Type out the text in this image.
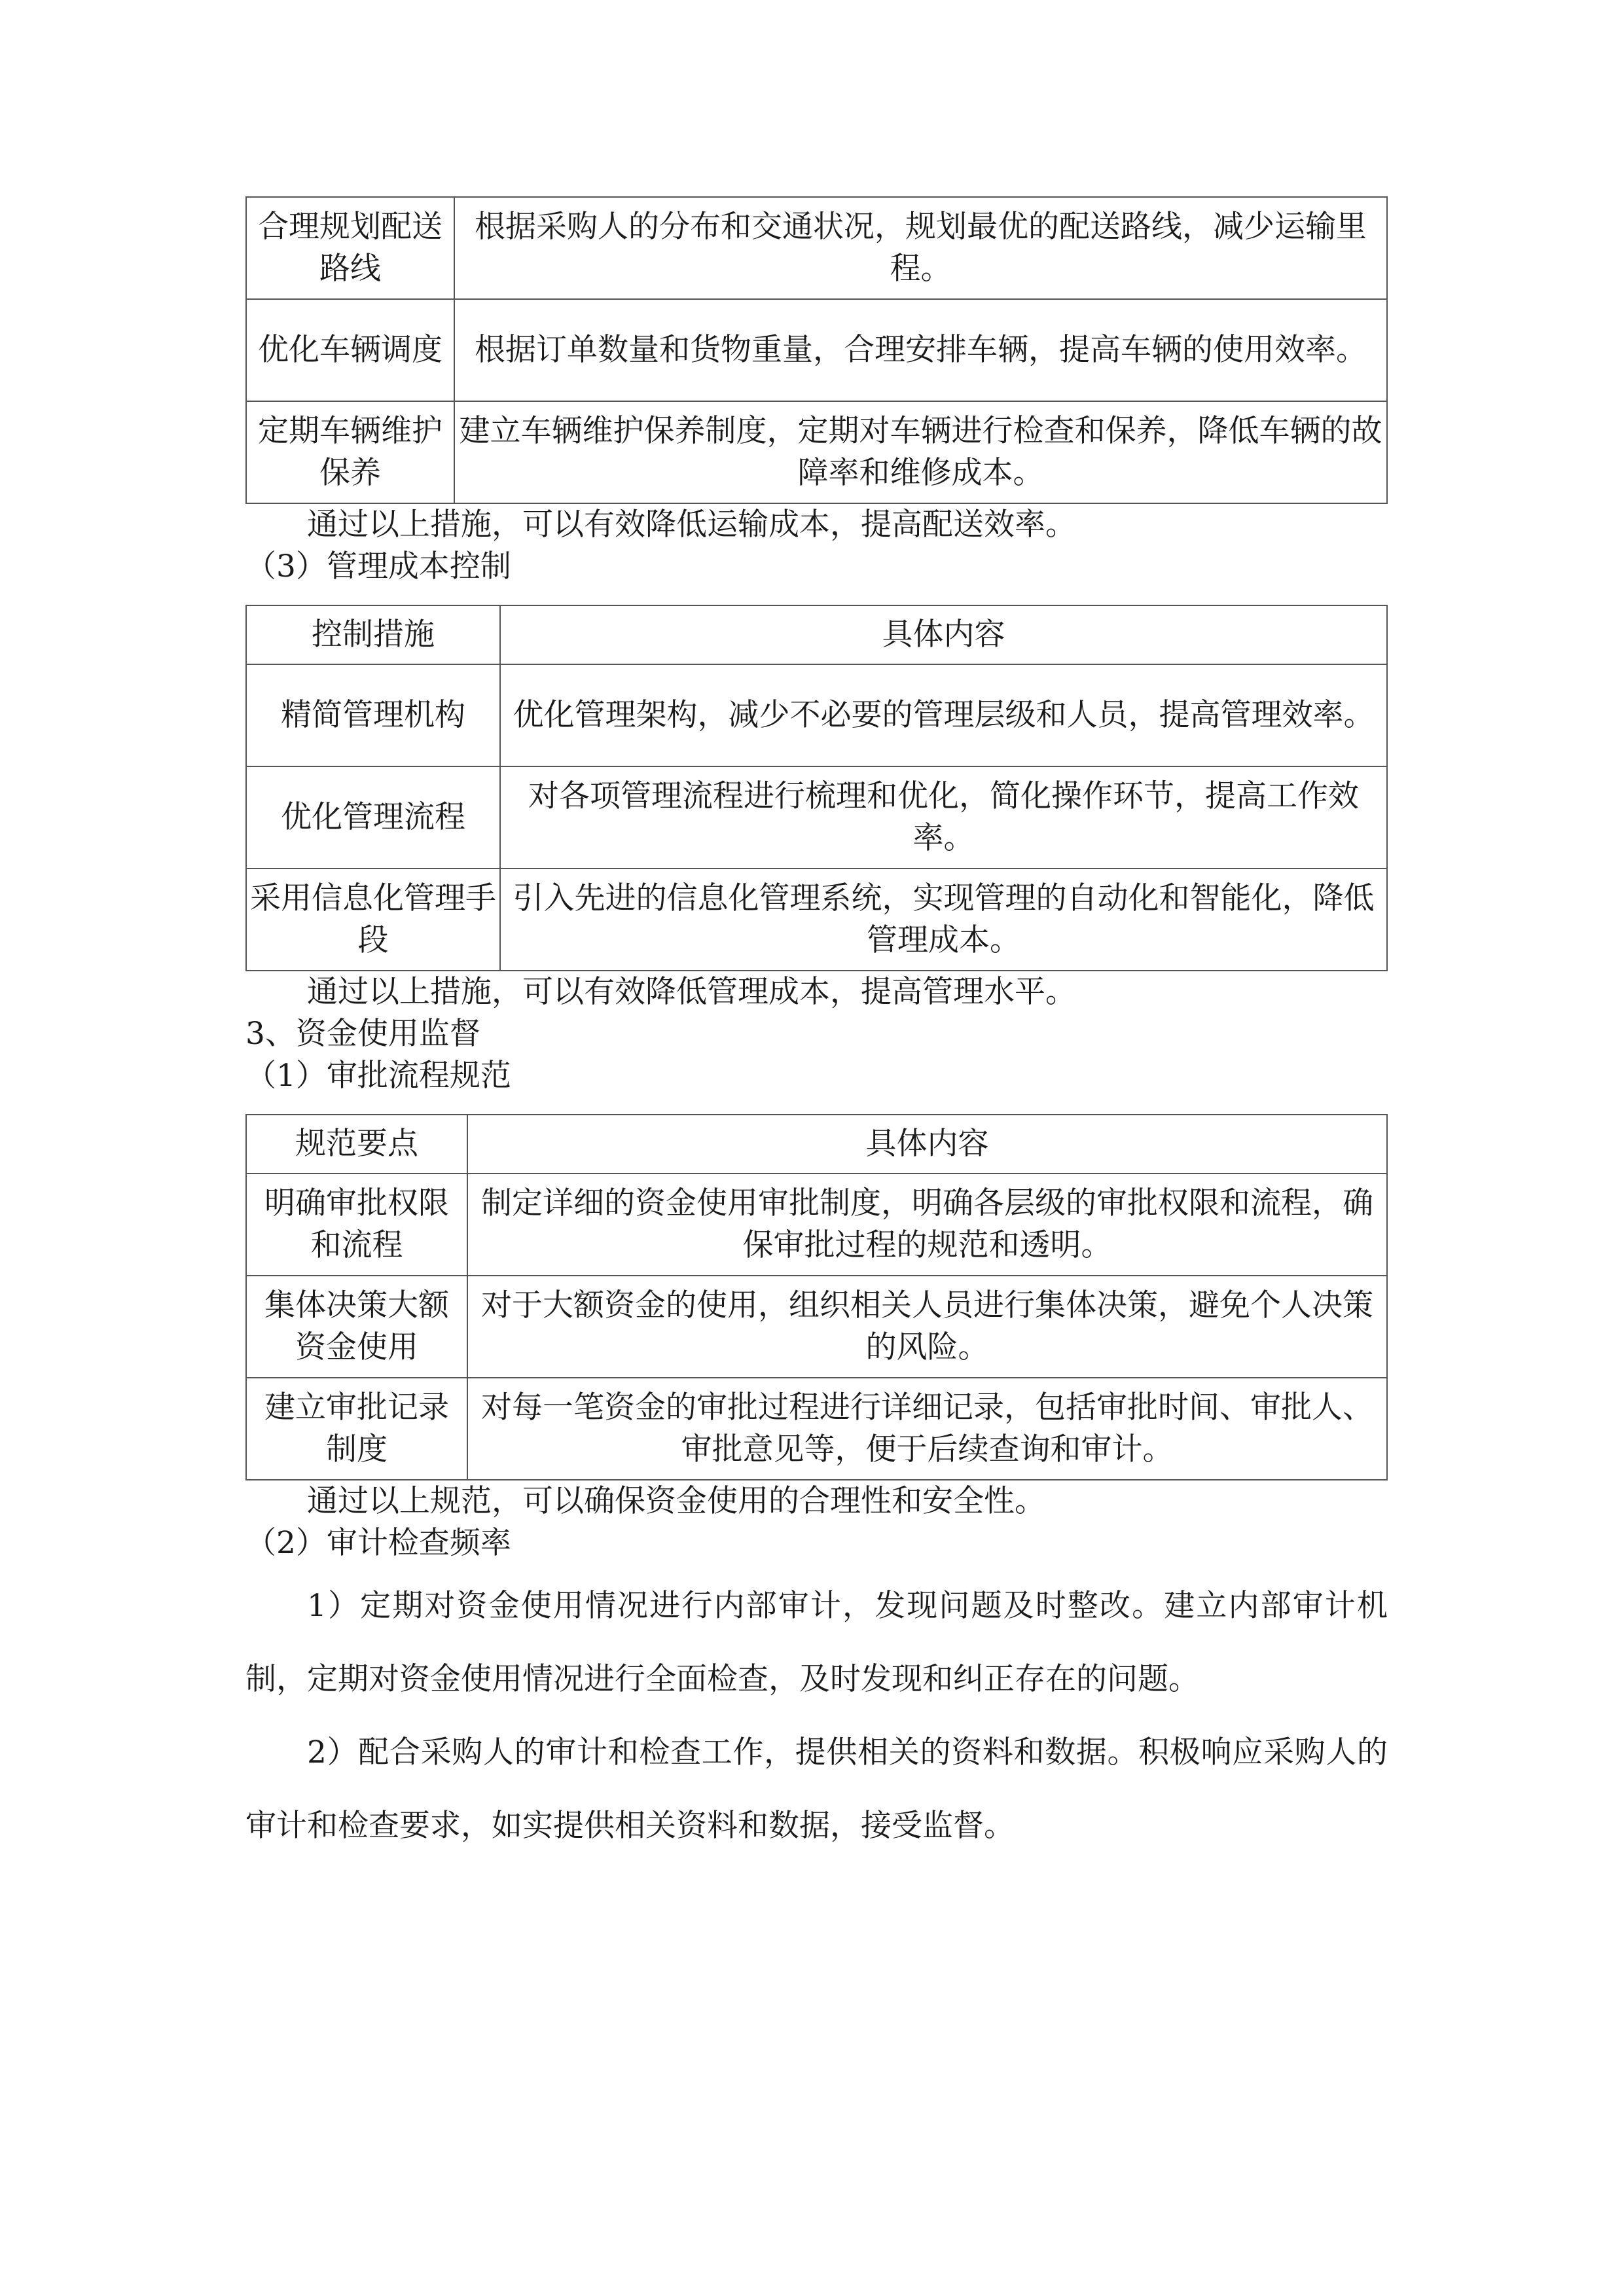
合理规划配送路线	根据采购人的分布和交通状况，规划最优的配送路线，减少运输里程。
优化车辆调度	根据订单数量和货物重量，合理安排车辆，提高车辆的使用效率。
定期车辆维护保养	建立车辆维护保养制度，定期对车辆进行检查和保养，降低车辆的故障率和维修成本。

通过以上措施，可以有效降低运输成本，提高配送效率。

（3）管理成本控制

控制措施	具体内容
精简管理机构	优化管理架构，减少不必要的管理层级和人员，提高管理效率。
优化管理流程	对各项管理流程进行梳理和优化，简化操作环节，提高工作效率。
采用信息化管理手段	引入先进的信息化管理系统，实现管理的自动化和智能化，降低管理成本。

通过以上措施，可以有效降低管理成本，提高管理水平。

3、资金使用监督

（1）审批流程规范

规范要点	具体内容
明确审批权限和流程	制定详细的资金使用审批制度，明确各层级的审批权限和流程，确保审批过程的规范和透明。
集体决策大额资金使用	对于大额资金的使用，组织相关人员进行集体决策，避免个人决策的风险。
建立审批记录制度	对每一笔资金的审批过程进行详细记录，包括审批时间、审批人、审批意见等，便于后续查询和审计。

通过以上规范，可以确保资金使用的合理性和安全性。

（2）审计检查频率

1）定期对资金使用情况进行内部审计，发现问题及时整改。建立内部审计机制，定期对资金使用情况进行全面检查，及时发现和纠正存在的问题。

2）配合采购人的审计和检查工作，提供相关的资料和数据。积极响应采购人的审计和检查要求，如实提供相关资料和数据，接受监督。
